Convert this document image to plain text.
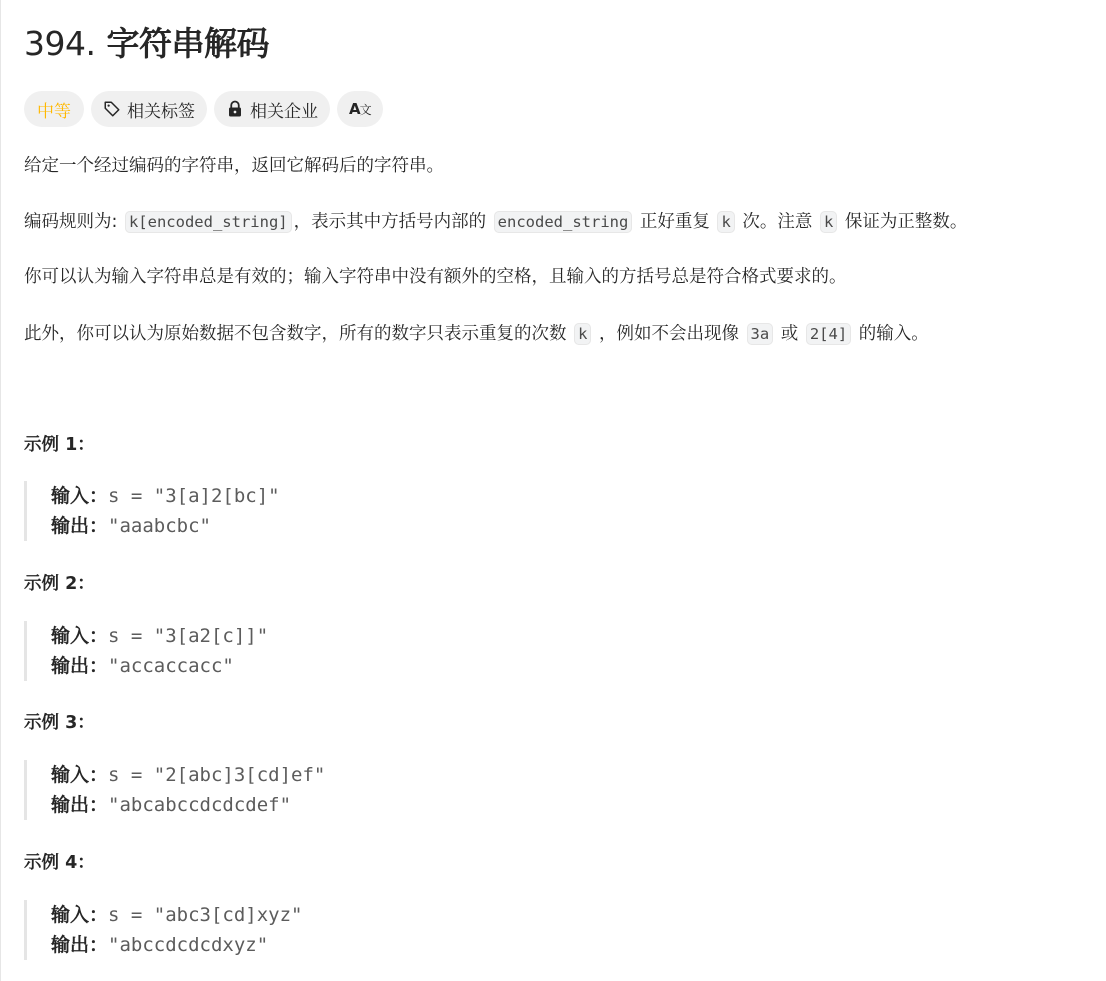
394. 字符串解码
中等	相关标签	相关企业 A文

给定一个经过编码的字符串，返回它解码后的字符串。

编码规则为: k[encoded_string] ，表示其中方括号内部的 encoded_string 正好重复 k 次。注意 k 保证为正整数。

你可以认为输入字符串总是有效的；输入字符串中没有额外的空格，且输入的方括号总是符合格式要求的。

此外，你可以认为原始数据不包含数字，所有的数字只表示重复的次数 k ，例如不会出现像 3a 或 2[4] 的输入。

示例 1：
输入：s = "3[a]2[bc]"
输出："aaabcbc"
示例 2：
输入：s = "3[a2[c]]"
输出："accaccacc"
示例 3：
输入：s = "2[abc]3[cd]ef"
输出："abcabccdcdcdef"
示例 4：
输入：s = "abc3[cd]xyz"
输出："abccdcdcdxyz"
